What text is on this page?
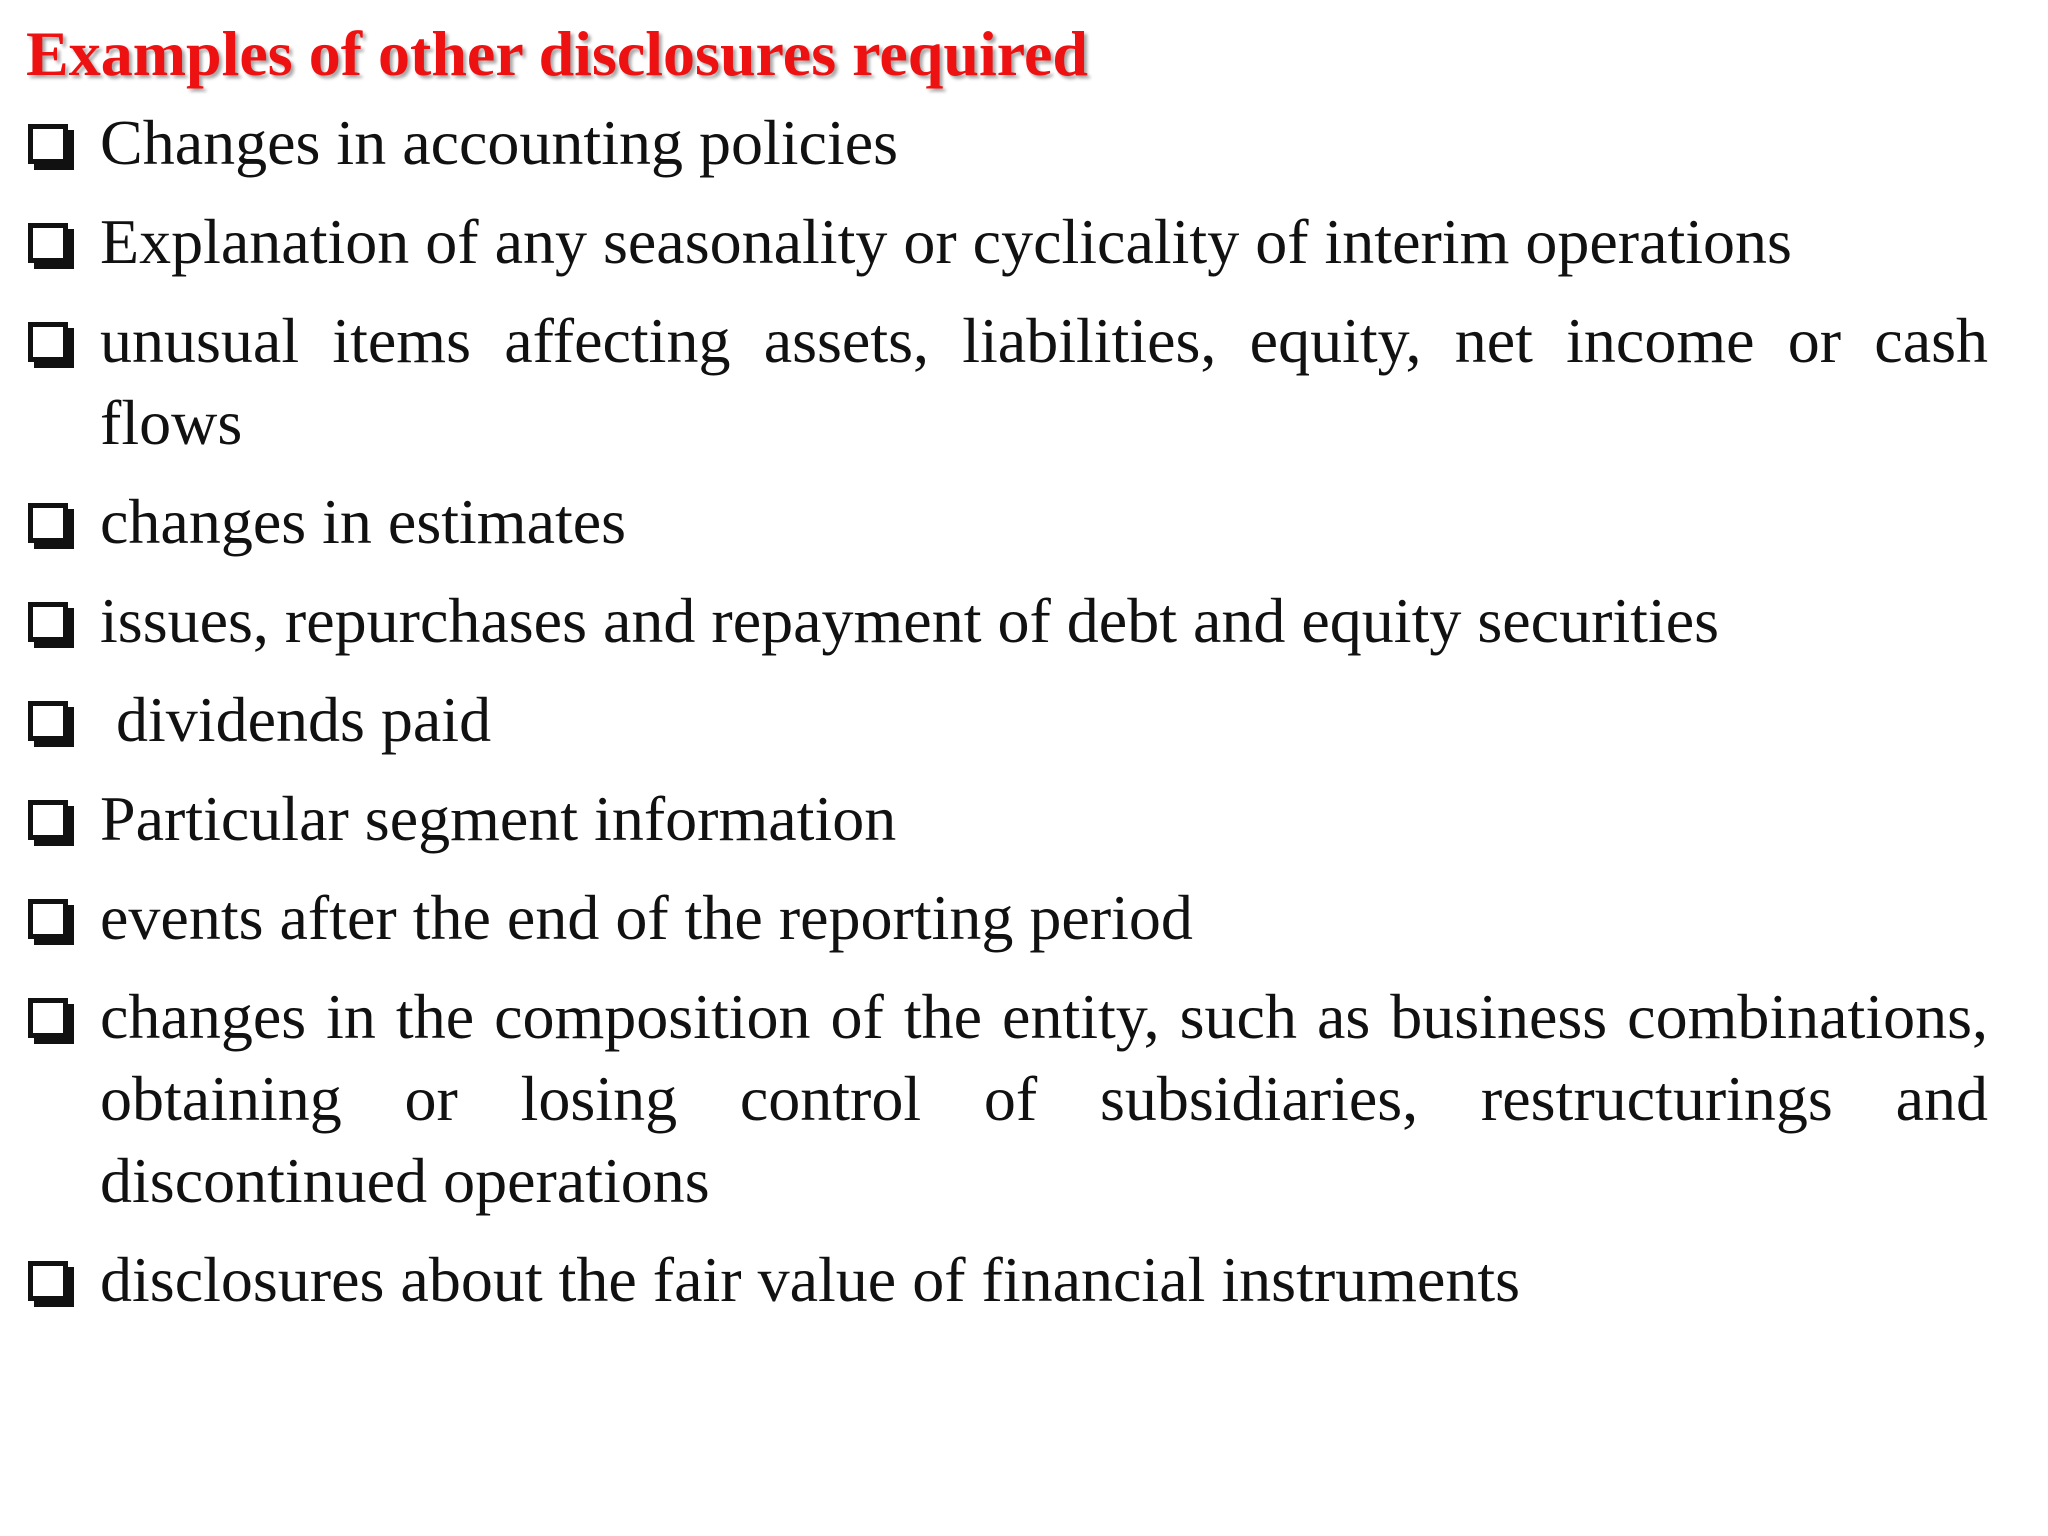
Examples of other disclosures required
Changes in accounting policies
Explanation of any seasonality or cyclicality of interim operations
unusual items affecting assets, liabilities, equity, net income or cash flows
changes in estimates
issues, repurchases and repayment of debt and equity securities
dividends paid
Particular segment information
events after the end of the reporting period
changes in the composition of the entity, such as business combinations, obtaining or losing control of subsidiaries, restructurings and discontinued operations
disclosures about the fair value of financial instruments
